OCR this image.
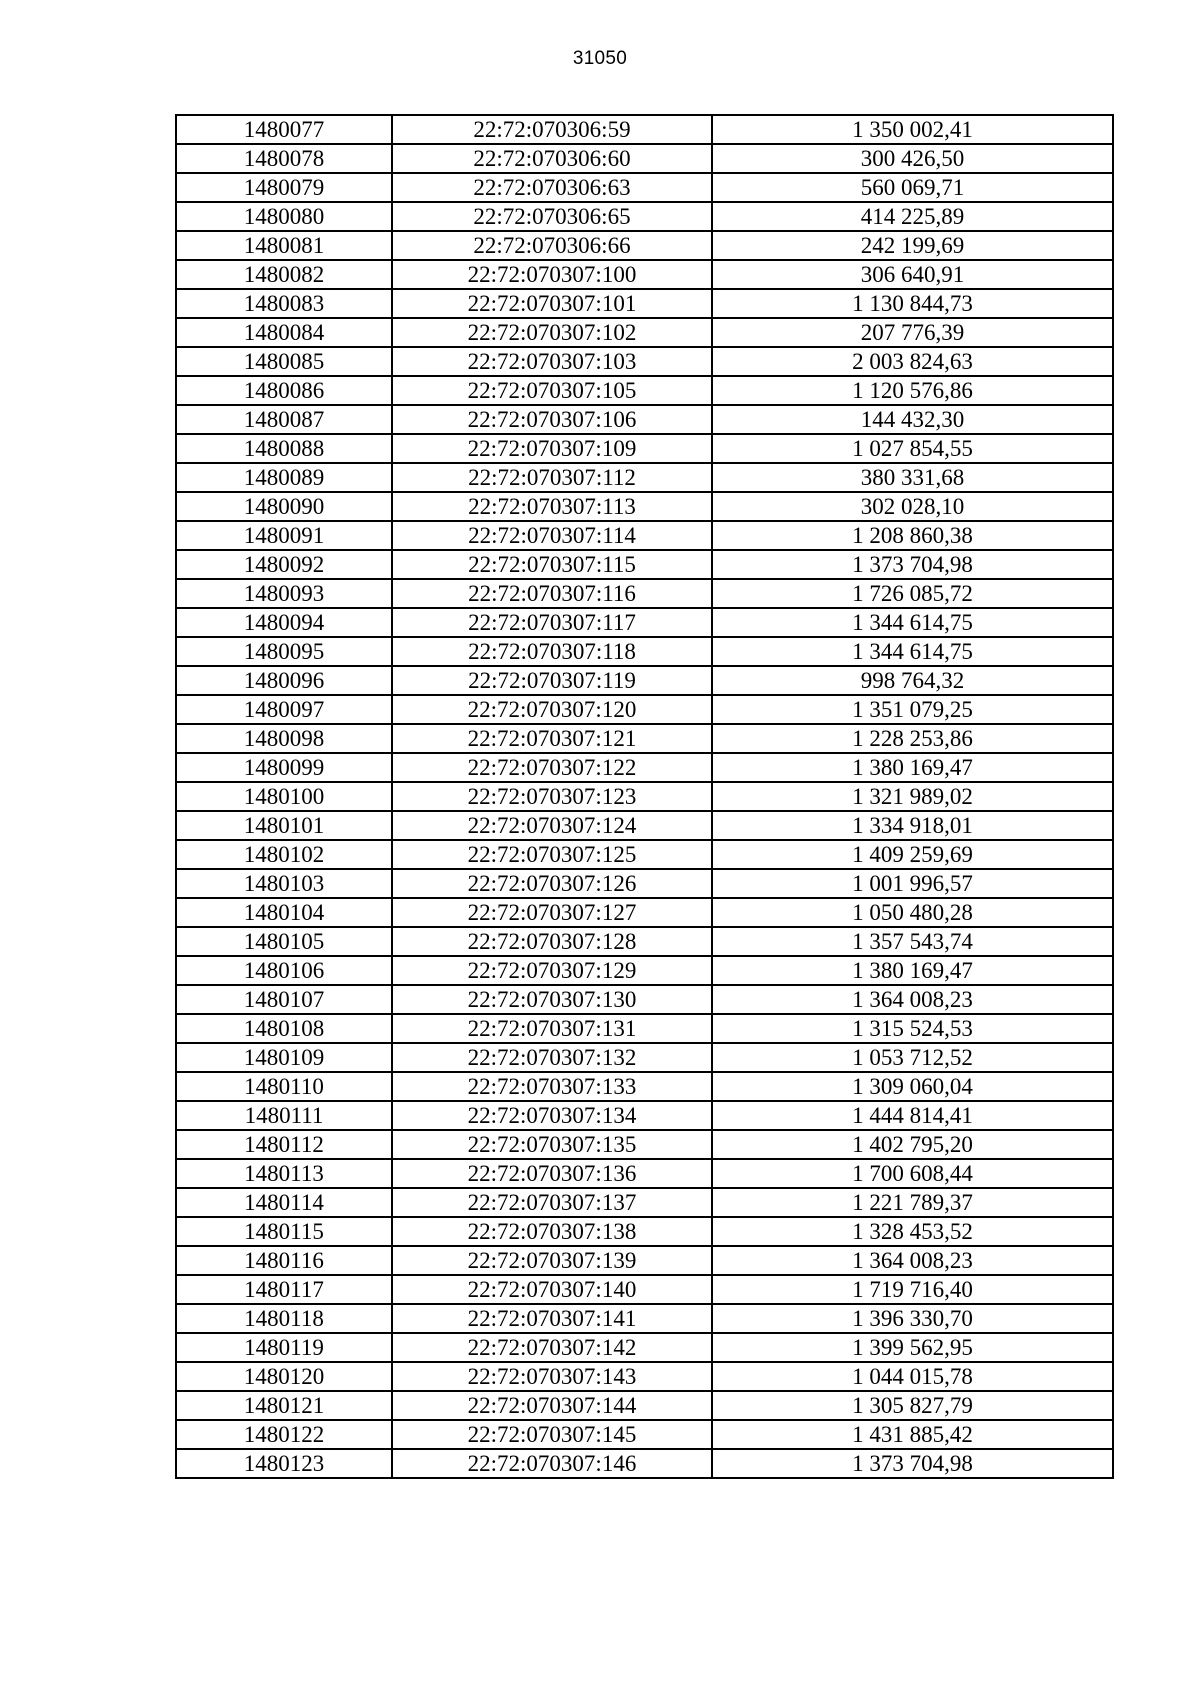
31050
1480077	22:72:070306:59	1 350 002,41
1480078	22:72:070306:60	300 426,50
1480079	22:72:070306:63	560 069,71
1480080	22:72:070306:65	414 225,89
1480081	22:72:070306:66	242 199,69
1480082	22:72:070307:100	306 640,91
1480083	22:72:070307:101	1 130 844,73
1480084	22:72:070307:102	207 776,39
1480085	22:72:070307:103	2 003 824,63
1480086	22:72:070307:105	1 120 576,86
1480087	22:72:070307:106	144 432,30
1480088	22:72:070307:109	1 027 854,55
1480089	22:72:070307:112	380 331,68
1480090	22:72:070307:113	302 028,10
1480091	22:72:070307:114	1 208 860,38
1480092	22:72:070307:115	1 373 704,98
1480093	22:72:070307:116	1 726 085,72
1480094	22:72:070307:117	1 344 614,75
1480095	22:72:070307:118	1 344 614,75
1480096	22:72:070307:119	998 764,32
1480097	22:72:070307:120	1 351 079,25
1480098	22:72:070307:121	1 228 253,86
1480099	22:72:070307:122	1 380 169,47
1480100	22:72:070307:123	1 321 989,02
1480101	22:72:070307:124	1 334 918,01
1480102	22:72:070307:125	1 409 259,69
1480103	22:72:070307:126	1 001 996,57
1480104	22:72:070307:127	1 050 480,28
1480105	22:72:070307:128	1 357 543,74
1480106	22:72:070307:129	1 380 169,47
1480107	22:72:070307:130	1 364 008,23
1480108	22:72:070307:131	1 315 524,53
1480109	22:72:070307:132	1 053 712,52
1480110	22:72:070307:133	1 309 060,04
1480111	22:72:070307:134	1 444 814,41
1480112	22:72:070307:135	1 402 795,20
1480113	22:72:070307:136	1 700 608,44
1480114	22:72:070307:137	1 221 789,37
1480115	22:72:070307:138	1 328 453,52
1480116	22:72:070307:139	1 364 008,23
1480117	22:72:070307:140	1 719 716,40
1480118	22:72:070307:141	1 396 330,70
1480119	22:72:070307:142	1 399 562,95
1480120	22:72:070307:143	1 044 015,78
1480121	22:72:070307:144	1 305 827,79
1480122	22:72:070307:145	1 431 885,42
1480123	22:72:070307:146	1 373 704,98
